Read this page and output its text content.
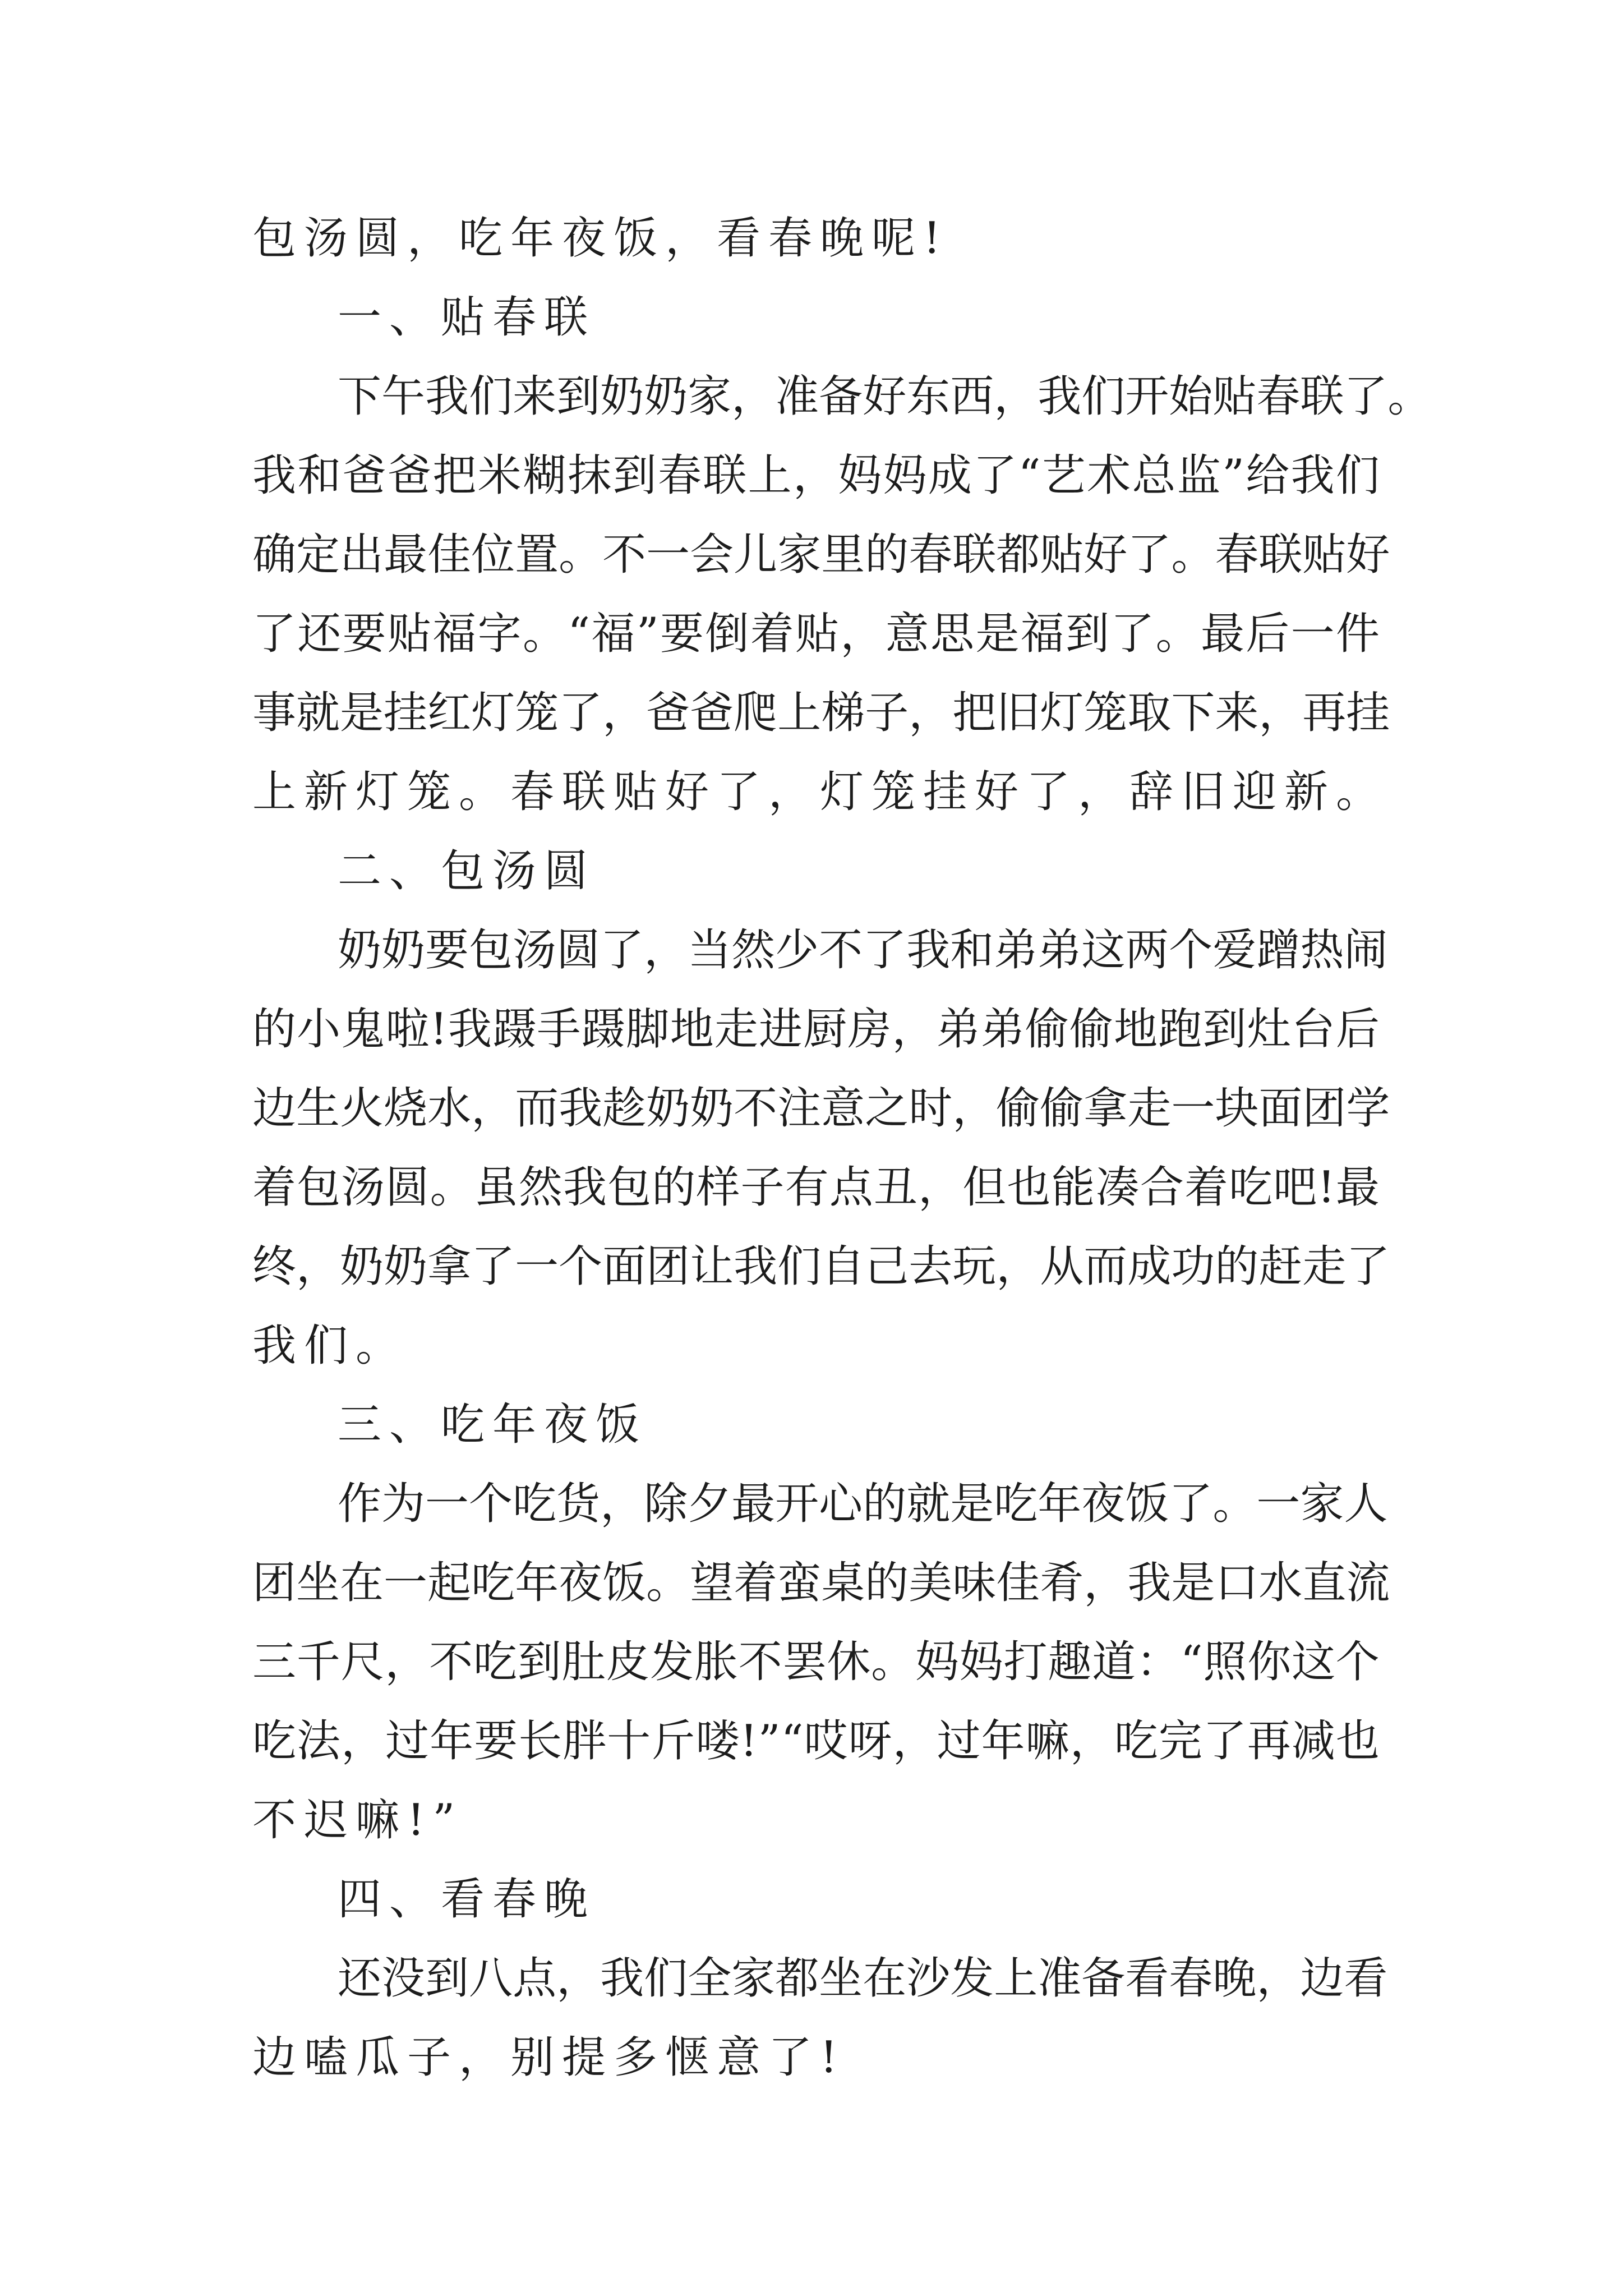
包汤圆，吃年夜饭，看春晚呢!
一、贴春联
下 午 我 们 来 到 奶 奶 家 ， 准 备 好 东 西 ， 我 们 开 始 贴 春 联 了 。
我 和 爸 爸 把 米 糊 抹 到 春 联 上 ， 妈 妈 成 了 “ 艺 术 总 监 ” 给 我 们
确 定 出 最 佳 位 置 。 不 一 会 儿 家 里 的 春 联 都 贴 好 了 。 春 联 贴 好
了 还 要 贴 福 字 。 “ 福 ” 要 倒 着 贴 ， 意 思 是 福 到 了 。 最 后 一 件
事 就 是 挂 红 灯 笼 了 ， 爸 爸 爬 上 梯 子 ， 把 旧 灯 笼 取 下 来 ， 再 挂
上新灯笼。春联贴好了，灯笼挂好了，辞旧迎新。
二、包汤圆
奶 奶 要 包 汤 圆 了 ， 当 然 少 不 了 我 和 弟 弟 这 两 个 爱 蹭 热 闹
的 小 鬼 啦 ! 我 蹑 手 蹑 脚 地 走 进 厨 房 ， 弟 弟 偷 偷 地 跑 到 灶 台 后
边 生 火 烧 水 ， 而 我 趁 奶 奶 不 注 意 之 时 ， 偷 偷 拿 走 一 块 面 团 学
着 包 汤 圆 。 虽 然 我 包 的 样 子 有 点 丑 ， 但 也 能 凑 合 着 吃 吧 ! 最
终 ， 奶 奶 拿 了 一 个 面 团 让 我 们 自 己 去 玩 ， 从 而 成 功 的 赶 走 了
我们。
三、吃年夜饭
作 为 一 个 吃 货 ， 除 夕 最 开 心 的 就 是 吃 年 夜 饭 了 。 一 家 人
团 坐 在 一 起 吃 年 夜 饭 。 望 着 蛮 桌 的 美 味 佳 肴 ， 我 是 口 水 直 流
三 千 尺 ， 不 吃 到 肚 皮 发 胀 不 罢 休 。 妈 妈 打 趣 道 ： “ 照 你 这 个
吃 法 ， 过 年 要 长 胖 十 斤 喽 ! ” “ 哎 呀 ， 过 年 嘛 ， 吃 完 了 再 减 也
不迟嘛!”
四、看春晚
还 没 到 八 点 ， 我 们 全 家 都 坐 在 沙 发 上 准 备 看 春 晚 ， 边 看
边嗑瓜子，别提多惬意了!
